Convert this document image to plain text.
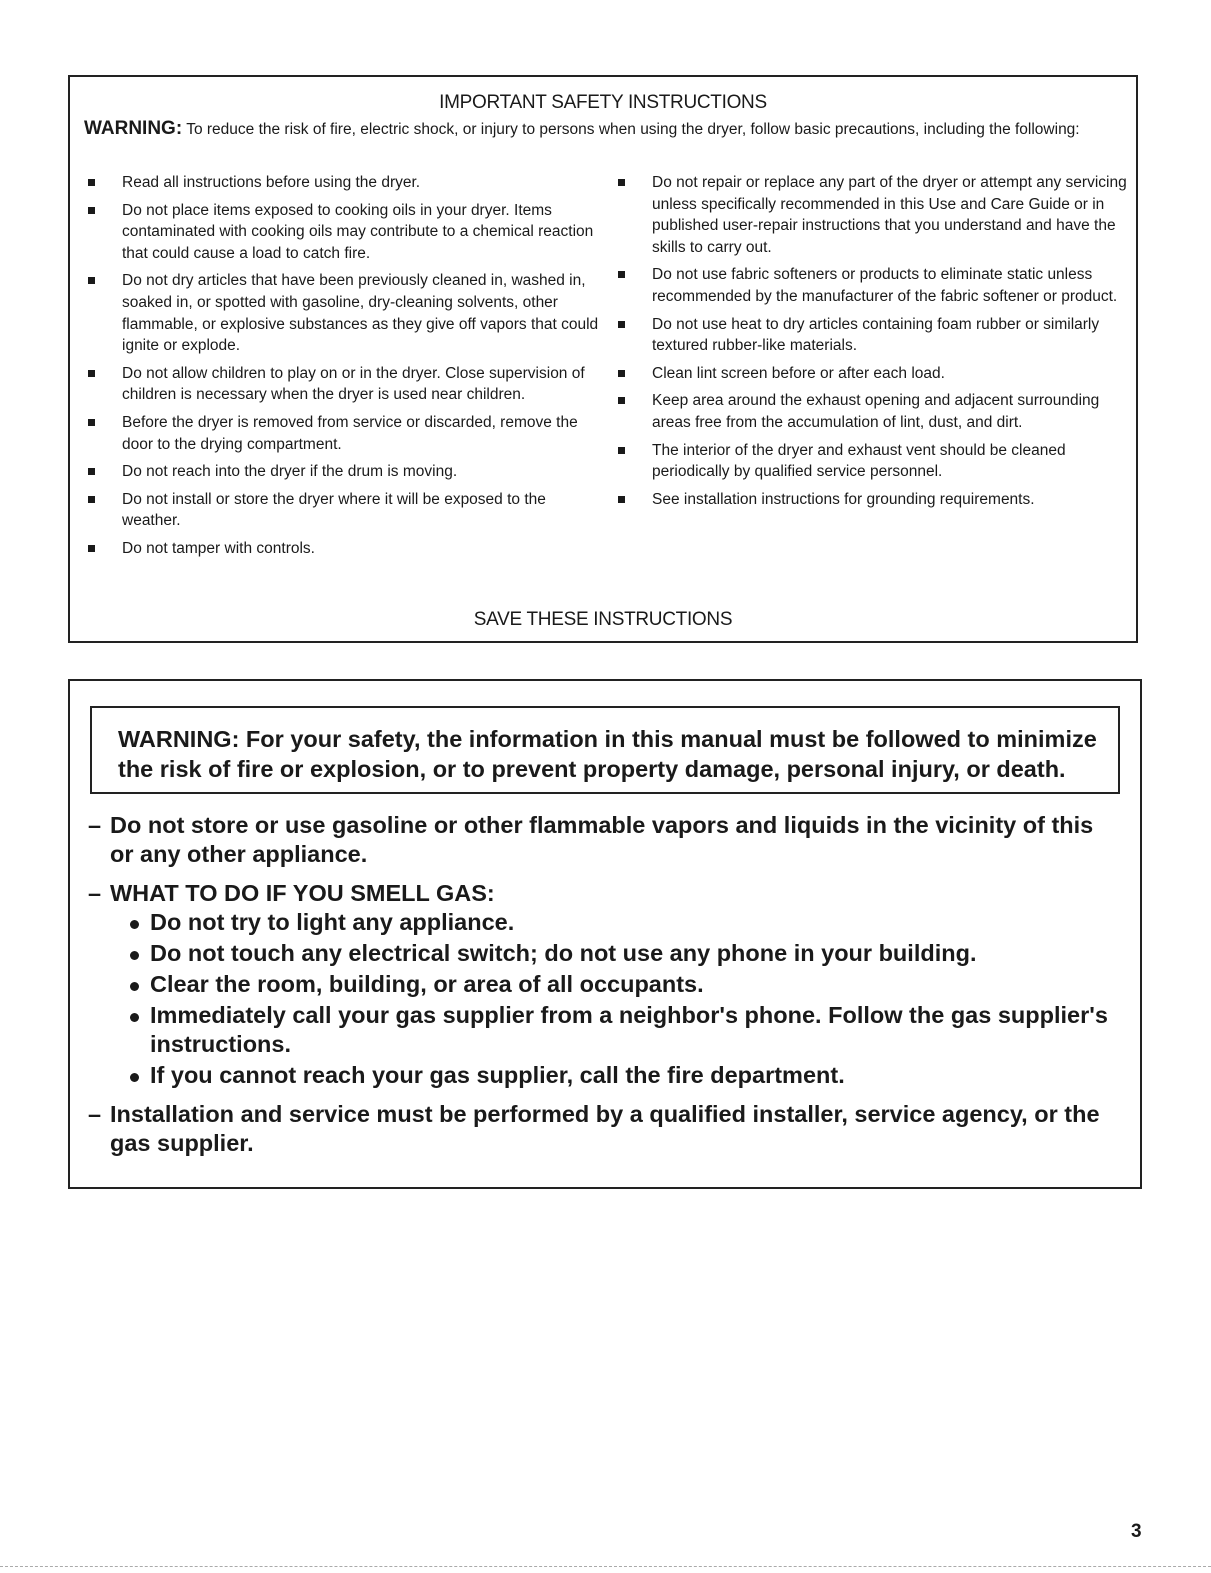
IMPORTANT SAFETY INSTRUCTIONS
WARNING: To reduce the risk of fire, electric shock, or injury to persons when using the dryer, follow basic precautions, including the following:
Read all instructions before using the dryer.
Do not place items exposed to cooking oils in your dryer. Items contaminated with cooking oils may contribute to a chemical reaction that could cause a load to catch fire.
Do not dry articles that have been previously cleaned in, washed in, soaked in, or spotted with gasoline, dry-cleaning solvents, other flammable, or explosive substances as they give off vapors that could ignite or explode.
Do not allow children to play on or in the dryer. Close supervision of children is necessary when the dryer is used near children.
Before the dryer is removed from service or discarded, remove the door to the drying compartment.
Do not reach into the dryer if the drum is moving.
Do not install or store the dryer where it will be exposed to the weather.
Do not tamper with controls.
Do not repair or replace any part of the dryer or attempt any servicing unless specifically recommended in this Use and Care Guide or in published user-repair instructions that you understand and have the skills to carry out.
Do not use fabric softeners or products to eliminate static unless recommended by the manufacturer of the fabric softener or product.
Do not use heat to dry articles containing foam rubber or similarly textured rubber-like materials.
Clean lint screen before or after each load.
Keep area around the exhaust opening and adjacent surrounding areas free from the accumulation of lint, dust, and dirt.
The interior of the dryer and exhaust vent should be cleaned periodically by qualified service personnel.
See installation instructions for grounding requirements.
SAVE THESE INSTRUCTIONS
WARNING: For your safety, the information in this manual must be followed to minimize the risk of fire or explosion, or to prevent property damage, personal injury, or death.
– Do not store or use gasoline or other flammable vapors and liquids in the vicinity of this or any other appliance.
– WHAT TO DO IF YOU SMELL GAS:
Do not try to light any appliance.
Do not touch any electrical switch; do not use any phone in your building.
Clear the room, building, or area of all occupants.
Immediately call your gas supplier from a neighbor's phone. Follow the gas supplier's instructions.
If you cannot reach your gas supplier, call the fire department.
– Installation and service must be performed by a qualified installer, service agency, or the gas supplier.
3
